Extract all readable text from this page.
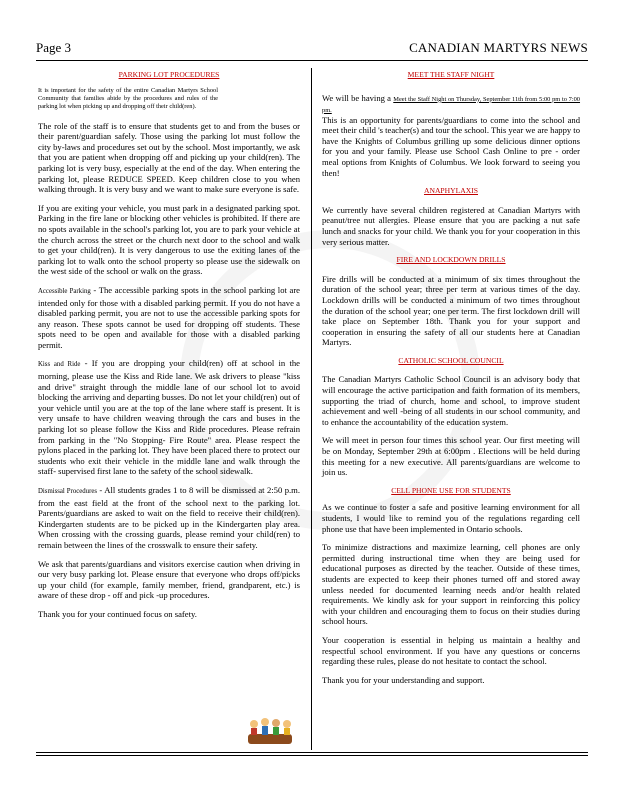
Page 3	CANADIAN MARTYRS NEWS
PARKING LOT PROCEDURES

It is important for the safety of the entire Canadian Martyrs School Community that families abide by the procedures and rules of the parking lot when picking up and dropping off their child(ren).

The role of the staff is to ensure that students get to and from the buses or their parent/guardian safely. Those using the parking lot must follow the city by-laws and procedures set out by the school. Most importantly, we ask that you are patient when dropping off and picking up your child(ren). The parking lot is very busy, especially at the end of the day. When entering the parking lot, please REDUCE SPEED. Keep children close to you when walking through. It is very busy and we want to make sure everyone is safe.

If you are exiting your vehicle, you must park in a designated parking spot. Parking in the fire lane or blocking other vehicles is prohibited. If there are no spots available in the school's parking lot, you are to park your vehicle at the church across the street or the church next door to the school and walk to get your child(ren). It is very dangerous to use the exiting lanes of the parking lot to walk onto the school property so please use the sidewalk on the west side of the school or walk on the grass.

Accessible Parking - The accessible parking spots in the school parking lot are intended only for those with a disabled parking permit. If you do not have a disabled parking permit, you are not to use the accessible parking spots for any reason. These spots cannot be used for dropping off students. These spots need to be open and available for those with a disabled parking permit.

Kiss and Ride - If you are dropping your child(ren) off at school in the morning, please use the Kiss and Ride lane. We ask drivers to please "kiss and drive" straight through the middle lane of our school lot to avoid blocking the arriving and departing busses. Do not let your child(ren) out of your vehicle until you are at the top of the lane where staff is present. It is very unsafe to have children weaving through the cars and buses in the parking lot so please follow the Kiss and Ride procedures. Please refrain from parking in the "No Stopping- Fire Route" area. Please respect the pylons placed in the parking lot. They have been placed there to protect our students who exit their vehicle in the middle lane and walk through the staff- supervised first lane to the safety of the school sidewalk.

Dismissal Procedures - All students grades 1 to 8 will be dismissed at 2:50 p.m. from the east field at the front of the school next to the parking lot. Parents/guardians are asked to wait on the field to receive their child(ren). Kindergarten students are to be picked up in the Kindergarten play area. When crossing with the crossing guards, please remind your child(ren) to remain between the lines of the crosswalk to ensure their safety.

We ask that parents/guardians and visitors exercise caution when driving in our very busy parking lot. Please ensure that everyone who drops off/picks up your child (for example, family member, friend, grandparent, etc.) is aware of these drop - off and pick -up procedures.

Thank you for your continued focus on safety.

MEET THE STAFF NIGHT

We will be having a Meet the Staff Night on Thursday, September 11th from 5:00 pm to 7:00 pm.

This is an opportunity for parents/guardians to come into the school and meet their child 's teacher(s) and tour the school. This year we are happy to have the Knights of Columbus grilling up some delicious dinner options for you and your family. Please use School Cash Online to pre - order meal options from Knights of Columbus. We look forward to seeing you then!

ANAPHYLAXIS

We currently have several children registered at Canadian Martyrs with peanut/tree nut allergies. Please ensure that you are packing a nut safe lunch and snacks for your child. We thank you for your cooperation in this very serious matter.

FIRE AND LOCKDOWN DRILLS

Fire drills will be conducted at a minimum of six times throughout the duration of the school year; three per term at various times of the day. Lockdown drills will be conducted a minimum of two times throughout the duration of the school year; one per term. The first lockdown drill will take place on September 18th. Thank you for your support and cooperation in ensuring the safety of all our students here at Canadian Martyrs.

CATHOLIC SCHOOL COUNCIL

The Canadian Martyrs Catholic School Council is an advisory body that will encourage the active participation and faith formation of its members, supporting the triad of church, home and school, to improve student achievement and well -being of all students in our school community, and to enhance the accountability of the education system.

We will meet in person four times this school year. Our first meeting will be on Monday, September 29th at 6:00pm . Elections will be held during this meeting for a new executive. All parents/guardians are welcome to join us.

CELL PHONE USE FOR STUDENTS

As we continue to foster a safe and positive learning environment for all students, I would like to remind you of the regulations regarding cell phone use that have been implemented in Ontario schools.

To minimize distractions and maximize learning, cell phones are only permitted during instructional time when they are being used for educational purposes as directed by the teacher. Outside of these times, students are expected to keep their phones turned off and stored away unless needed for documented learning needs and/or health related requirements. We kindly ask for your support in reinforcing this policy with your children and encouraging them to focus on their studies during school hours.

Your cooperation is essential in helping us maintain a healthy and respectful school environment. If you have any questions or concerns regarding these rules, please do not hesitate to contact the school.

Thank you for your understanding and support.
